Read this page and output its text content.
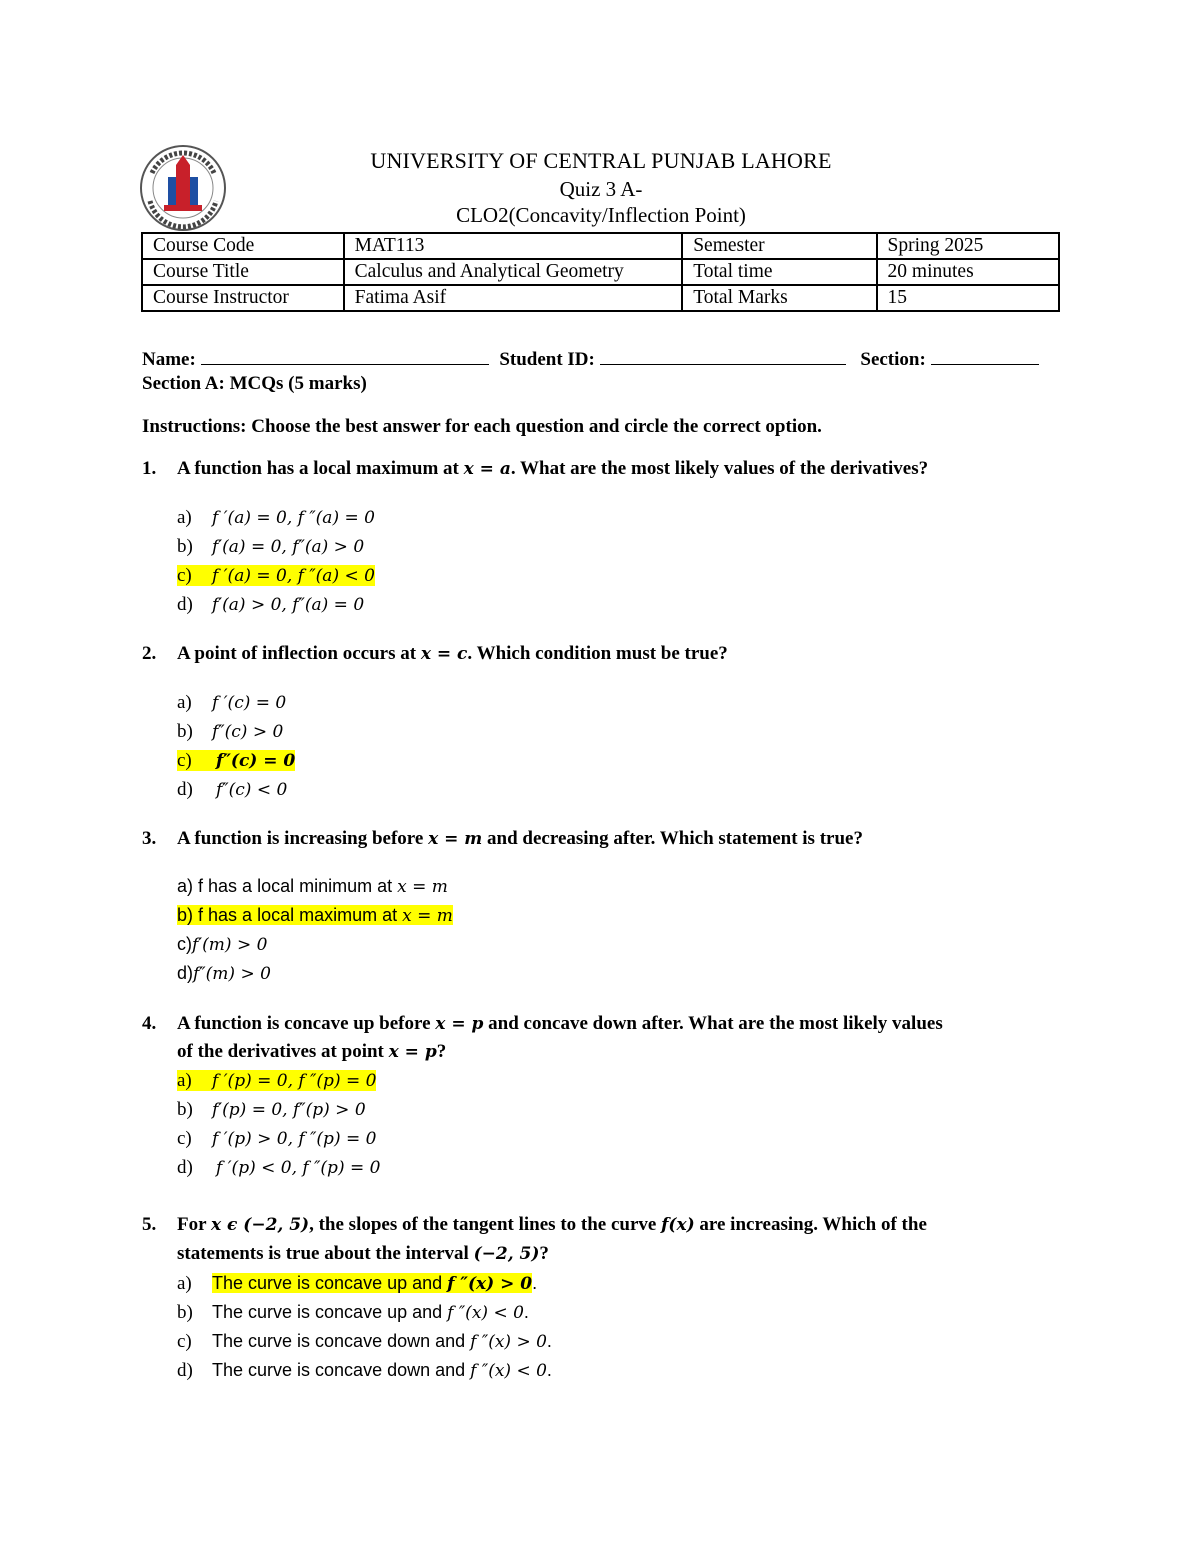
UNIVERSITY OF CENTRAL PUNJAB LAHORE
Quiz 3 A-
CLO2(Concavity/Inflection Point)
Course Code	MAT113	Semester	Spring 2025
Course Title	Calculus and Analytical Geometry	Total time	20 minutes
Course Instructor	Fatima Asif	Total Marks	15
Name:	Student ID:	Section:
Section A: MCQs (5 marks)
Instructions: Choose the best answer for each question and circle the correct option.
1. A function has a local maximum at x = a. What are the most likely values of the derivatives?
a) f ′(a) = 0, f ″(a) = 0
b) f′(a) = 0, f″(a) > 0
c) f ′(a) = 0, f ″(a) < 0
d) f′(a) > 0, f″(a) = 0
2. A point of inflection occurs at x = c. Which condition must be true?
a) f ′(c) = 0
b) f″(c) > 0
c) f″(c) = 0
d) f″(c) < 0
3. A function is increasing before x = m and decreasing after. Which statement is true?
a) f has a local minimum at x = m
b) f has a local maximum at x = m
c)f′(m) > 0
d)f″(m) > 0
4. A function is concave up before x = p and concave down after. What are the most likely values
of the derivatives at point x = p?
a) f ′(p) = 0, f ″(p) = 0
b) f′(p) = 0, f″(p) > 0
c) f ′(p) > 0, f ″(p) = 0
d) f ′(p) < 0, f ″(p) = 0
5. For x ϵ (−2, 5), the slopes of the tangent lines to the curve f(x) are increasing. Which of the
statements is true about the interval (−2, 5)?
a) The curve is concave up and f ″(x) > 0.
b) The curve is concave up and f ″(x) < 0.
c) The curve is concave down and f ″(x) > 0.
d) The curve is concave down and f ″(x) < 0.
